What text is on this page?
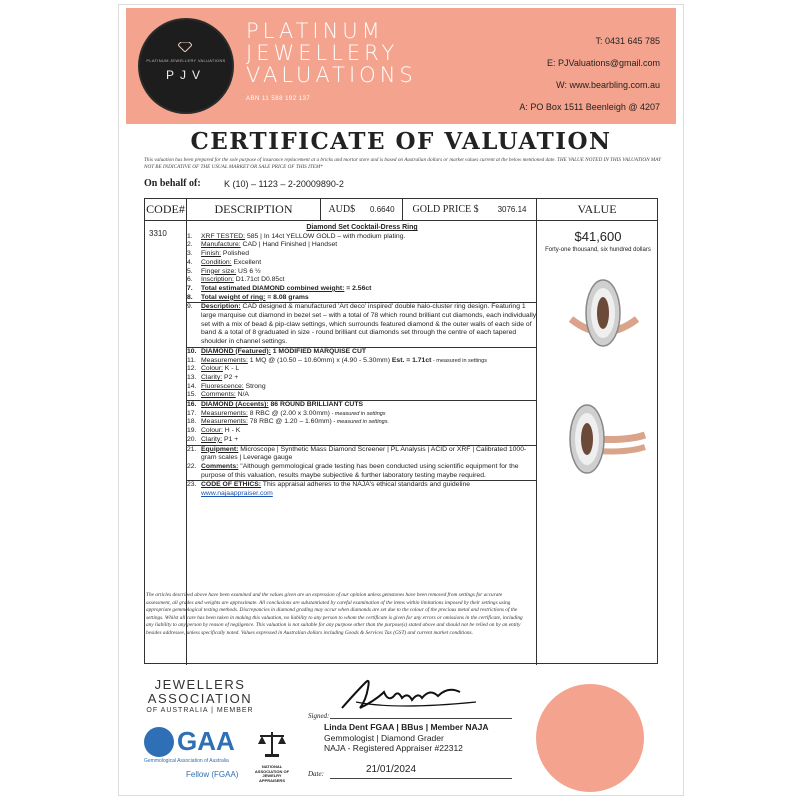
PLATINUM JEWELLERY VALUATIONS
PJV
PLATINUM
JEWELLERY
VALUATIONS
ABN 11 588 192 137
T: 0431 645 785
E: PJValuations@gmail.com
W: www.bearbling.com.au
A: PO Box 1511 Beenleigh @ 4207
CERTIFICATE OF VALUATION
This valuation has been prepared for the sole purpose of insurance replacement at a bricks and mortar store and is based on Australian dollars or market values current at the below mentioned date. THE VALUE NOTED IN THIS VALUATION MAY NOT BE INDICATIVE OF THE USUAL MARKET OR SALE PRICE OF THIS ITEM*
On behalf of:	K (10) – 1123 – 2-20009890-2
CODE#	DESCRIPTION	AUD$ 0.6640 GOLD PRICE $ 3076.14	VALUE
3310
Diamond Set Cocktail-Dress Ring
1.	XRF TESTED: 585 | In 14ct YELLOW GOLD – with rhodium plating.
2.	Manufacture: CAD | Hand Finished | Handset
3.	Finish: Polished
4.	Condition: Excellent
5.	Finger size: US 6 ½
6.	Inscription: D1.71ct D0.85ct
7.	Total estimated DIAMOND combined weight: = 2.56ct
8.	Total weight of ring: = 8.08 grams
9.	Description: CAD designed & manufactured 'Art deco' inspired' double halo-cluster ring design. Featuring 1 large marquise cut diamond in bezel set – with a total of 78 which round brilliant cut diamonds, each individually set with a mix of bead & pip-claw settings, which surrounds featured diamond & the outer walls of each side of band & a total of 8 graduated in size - round brilliant cut diamonds set through the centre of each tapered shoulder in channel settings.
10. DIAMOND (Featured): 1 MODIFIED MARQUISE CUT
11. Measurements: 1 MQ @ (10.50 – 10.60mm) x (4.90 - 5.30mm) Est. = 1.71ct - measured in settings
12. Colour: K - L
13. Clarity: P2 +
14. Fluorescence: Strong
15. Comments: N/A
16. DIAMOND (Accents): 86 ROUND BRILLIANT CUTS
17. Measurements: 8 RBC @ (2.00 x 3.00mm) - measured in settings
18. Measurements: 78 RBC @ 1.20 – 1.60mm) - measured in settings.
19. Colour: H - K
20. Clarity: P1 +
21. Equipment: Microscope | Synthetic Mass Diamond Screener | PL Analysis | ACID or XRF | Calibrated 1000-gram scales | Leverage gauge
22. Comments: "Although gemmological grade testing has been conducted using scientific equipment for the purpose of this valuation, results maybe subjective & further laboratory testing maybe required.
23. CODE OF ETHICS: This appraisal adheres to the NAJA's ethical standards and guideline
www.najaappraiser.com
$41,600
Forty-one thousand, six hundred dollars
The articles described above have been examined and the values given are an expression of our opinion unless gemstones have been removed from settings for accurate assessment, all grades and weights are approximate. All conclusions are substantiated by careful examination of the items within limitations imposed by their settings using appropriate gemmological testing methods. Discrepancies in diamond grading may occur when diamonds are set due to the colour of the precious metal and restrictions of the settings. Whilst all care has been taken in making this valuation, no liability to any person to whom the certificate is given for any errors or omissions in the certificate, including any liability to any person by reason of negligence. This valuation is not suitable for any purpose other than the purpose(s) stated above and should not be relied on by an entity besides addressee, unless specifically noted. Values expressed in Australian dollars including Goods & Services Tax (GST) and current market conditions.
JEWELLERS
ASSOCIATION
OF AUSTRALIA | MEMBER
GAA
Gemmological Association of Australia
Fellow (FGAA)
NATIONAL ASSOCIATION OF JEWELRY APPRAISERS
Signed:
Linda Dent FGAA | BBus | Member NAJA
Gemmologist | Diamond Grader
NAJA - Registered Appraiser #22312
Date:	21/01/2024
